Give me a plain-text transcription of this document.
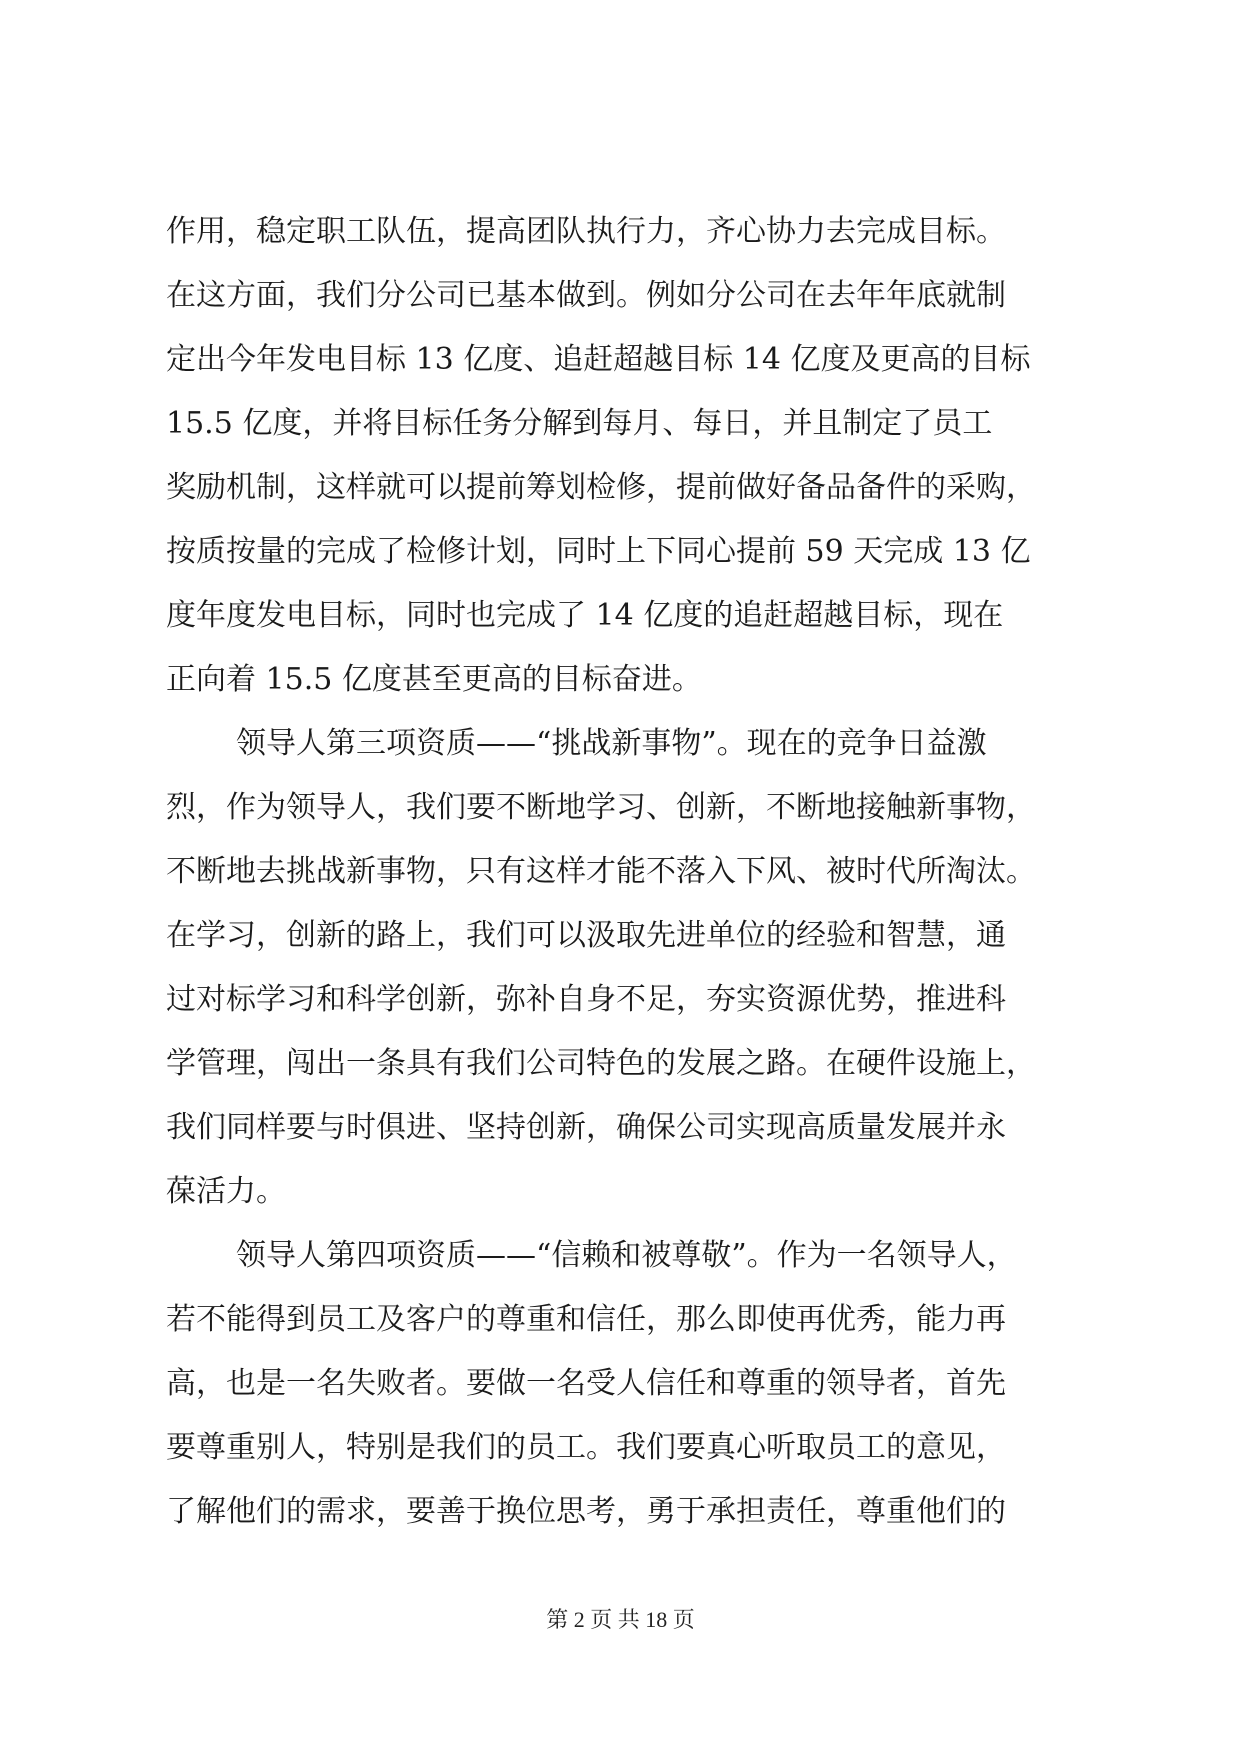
作用，稳定职工队伍，提高团队执行力，齐心协力去完成目标。
在这方面，我们分公司已基本做到。例如分公司在去年年底就制
定出今年发电目标 13 亿度、追赶超越目标 14 亿度及更高的目标
15.5 亿度，并将目标任务分解到每月、每日，并且制定了员工
奖励机制，这样就可以提前筹划检修，提前做好备品备件的采购，
按质按量的完成了检修计划，同时上下同心提前 59 天完成 13 亿
度年度发电目标，同时也完成了 14 亿度的追赶超越目标，现在
正向着 15.5 亿度甚至更高的目标奋进。
领导人第三项资质——“挑战新事物”。现在的竞争日益激
烈，作为领导人，我们要不断地学习、创新，不断地接触新事物，
不断地去挑战新事物，只有这样才能不落入下风、被时代所淘汰。
在学习，创新的路上，我们可以汲取先进单位的经验和智慧，通
过对标学习和科学创新，弥补自身不足，夯实资源优势，推进科
学管理，闯出一条具有我们公司特色的发展之路。在硬件设施上，
我们同样要与时俱进、坚持创新，确保公司实现高质量发展并永
葆活力。
领导人第四项资质——“信赖和被尊敬”。作为一名领导人，
若不能得到员工及客户的尊重和信任，那么即使再优秀，能力再
高，也是一名失败者。要做一名受人信任和尊重的领导者，首先
要尊重别人，特别是我们的员工。我们要真心听取员工的意见，
了解他们的需求，要善于换位思考，勇于承担责任，尊重他们的
第 2 页 共 18 页
